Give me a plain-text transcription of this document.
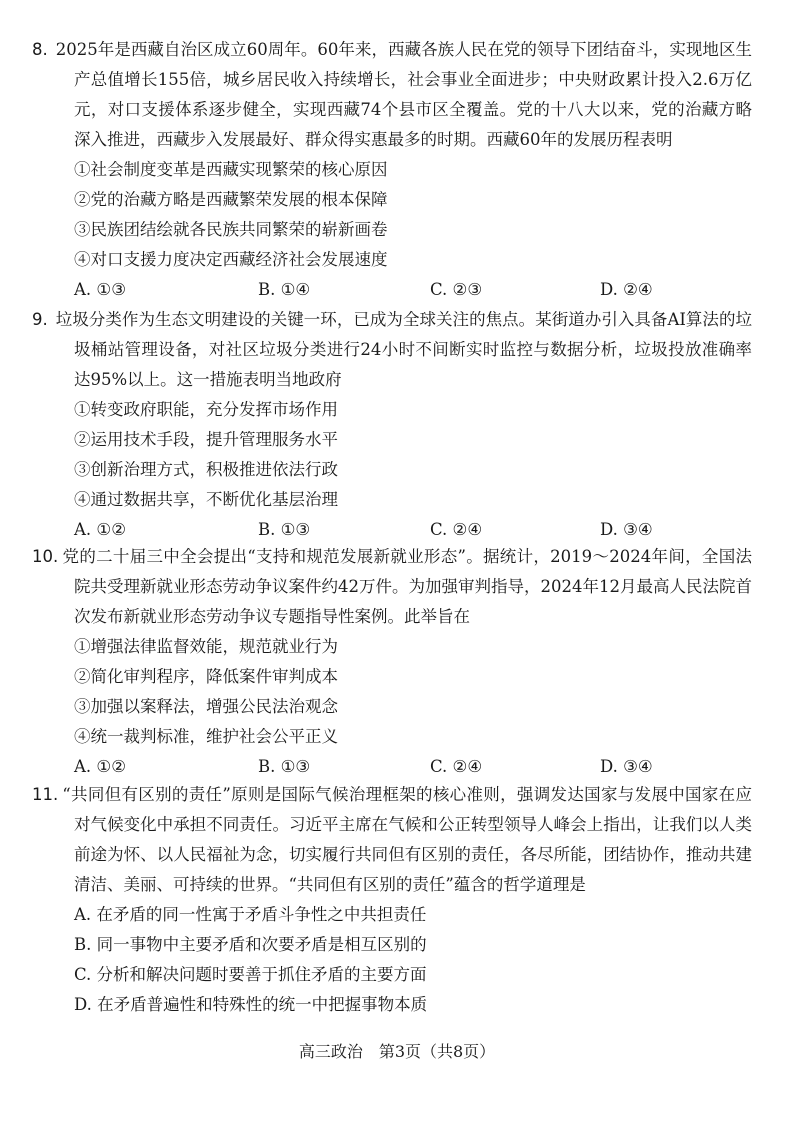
8. 2025年是西藏自治区成立60周年。60年来，西藏各族人民在党的领导下团结奋斗，实现地区生产总值增长155倍，城乡居民收入持续增长，社会事业全面进步；中央财政累计投入2.6万亿元，对口支援体系逐步健全，实现西藏74个县市区全覆盖。党的十八大以来，党的治藏方略深入推进，西藏步入发展最好、群众得实惠最多的时期。西藏60年的发展历程表明

①社会制度变革是西藏实现繁荣的核心原因

②党的治藏方略是西藏繁荣发展的根本保障

③民族团结绘就各民族共同繁荣的崭新画卷

④对口支援力度决定西藏经济社会发展速度

A. ①③	B. ①④	C. ②③	D. ②④

9. 垃圾分类作为生态文明建设的关键一环，已成为全球关注的焦点。某街道办引入具备AI算法的垃圾桶站管理设备，对社区垃圾分类进行24小时不间断实时监控与数据分析，垃圾投放准确率达95%以上。这一措施表明当地政府

①转变政府职能，充分发挥市场作用

②运用技术手段，提升管理服务水平

③创新治理方式，积极推进依法行政

④通过数据共享，不断优化基层治理

A. ①②	B. ①③	C. ②④	D. ③④

10. 党的二十届三中全会提出“支持和规范发展新就业形态”。据统计，2019～2024年间，全国法院共受理新就业形态劳动争议案件约42万件。为加强审判指导，2024年12月最高人民法院首次发布新就业形态劳动争议专题指导性案例。此举旨在

①增强法律监督效能，规范就业行为

②简化审判程序，降低案件审判成本

③加强以案释法，增强公民法治观念

④统一裁判标准，维护社会公平正义

A. ①②	B. ①③	C. ②④	D. ③④

11. “共同但有区别的责任”原则是国际气候治理框架的核心准则，强调发达国家与发展中国家在应对气候变化中承担不同责任。习近平主席在气候和公正转型领导人峰会上指出，让我们以人类前途为怀、以人民福祉为念，切实履行共同但有区别的责任，各尽所能，团结协作，推动共建清洁、美丽、可持续的世界。“共同但有区别的责任”蕴含的哲学道理是

A. 在矛盾的同一性寓于矛盾斗争性之中共担责任

B. 同一事物中主要矛盾和次要矛盾是相互区别的

C. 分析和解决问题时要善于抓住矛盾的主要方面

D. 在矛盾普遍性和特殊性的统一中把握事物本质

高三政治　第3页（共8页）
